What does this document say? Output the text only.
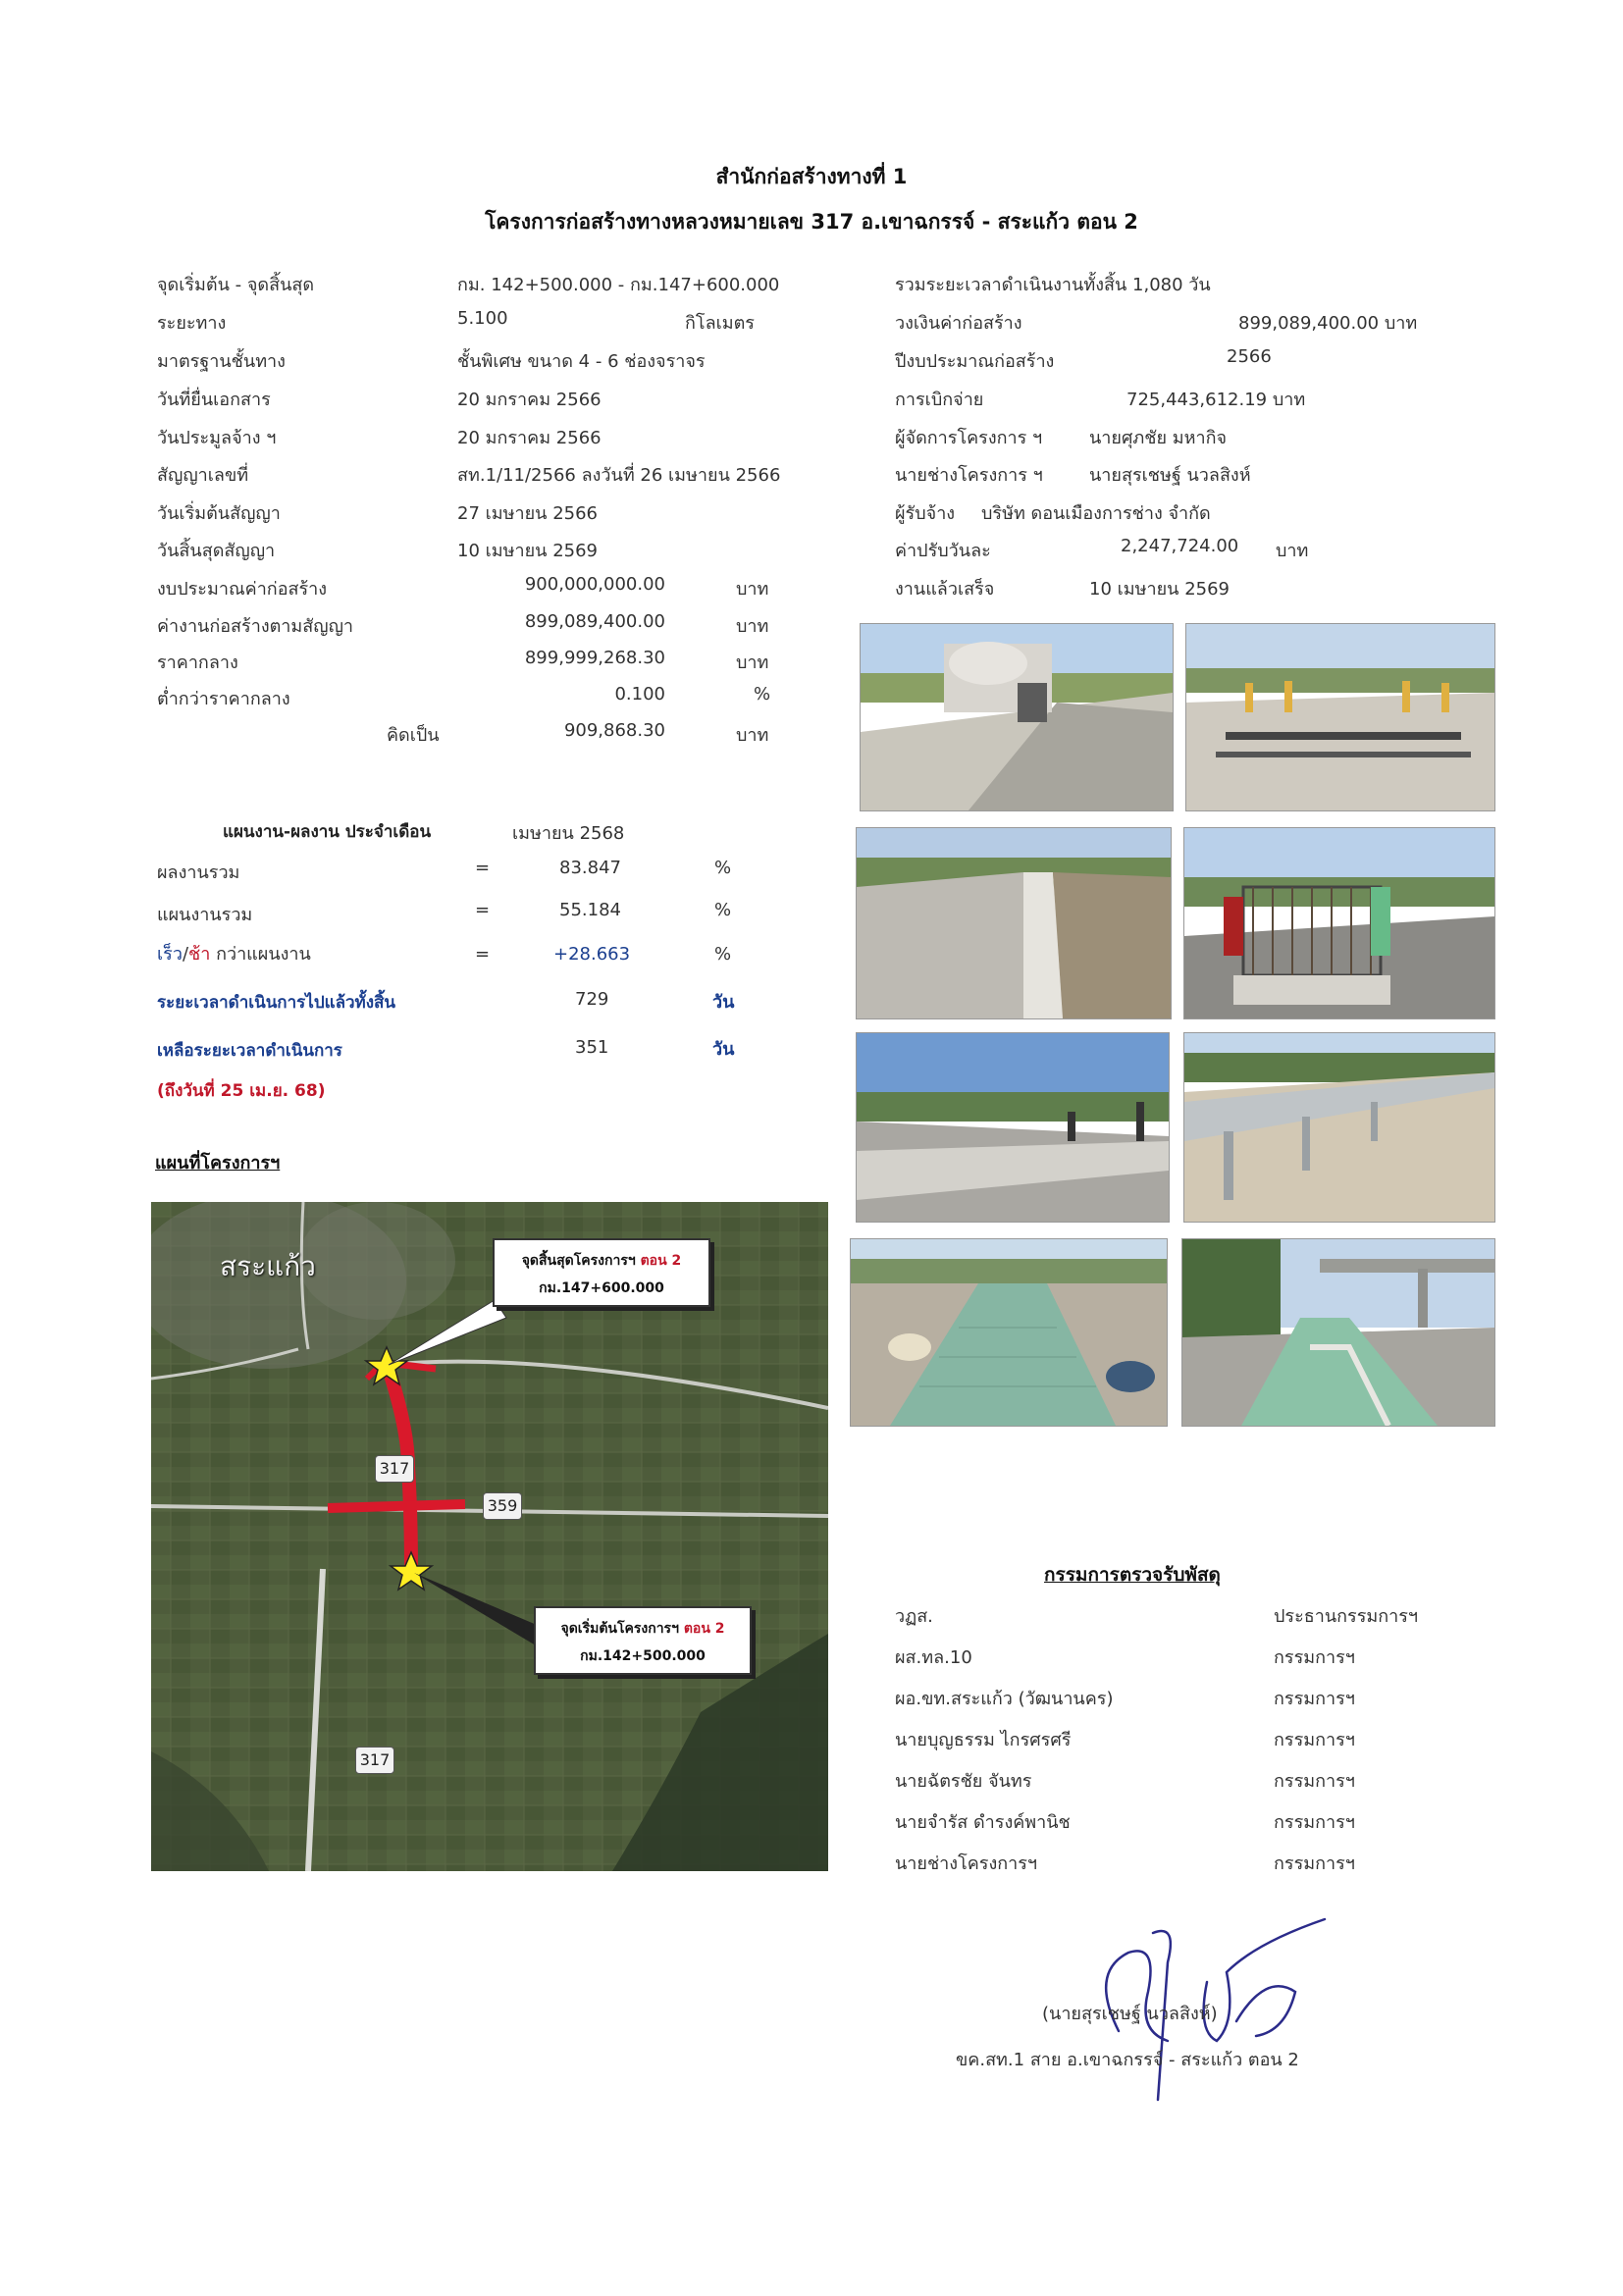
สำนักก่อสร้างทางที่ 1
โครงการก่อสร้างทางหลวงหมายเลข 317 อ.เขาฉกรรจ์ - สระแก้ว ตอน 2
จุดเริ่มต้น - จุดสิ้นสุด	กม. 142+500.000 - กม.147+600.000
ระยะทาง	5.100	กิโลเมตร
มาตรฐานชั้นทาง	ชั้นพิเศษ ขนาด 4 - 6 ช่องจราจร
วันที่ยื่นเอกสาร	20 มกราคม 2566
วันประมูลจ้าง ฯ	20 มกราคม 2566
สัญญาเลขที่	สท.1/11/2566 ลงวันที่ 26 เมษายน 2566
วันเริ่มต้นสัญญา	27 เมษายน 2566
วันสิ้นสุดสัญญา	10 เมษายน 2569
งบประมาณค่าก่อสร้าง	900,000,000.00	บาท
ค่างานก่อสร้างตามสัญญา	899,089,400.00	บาท
ราคากลาง	899,999,268.30	บาท
ต่ำกว่าราคากลาง	0.100	%
คิดเป็น	909,868.30	บาท
รวมระยะเวลาดำเนินงานทั้งสิ้น 1,080 วัน
วงเงินค่าก่อสร้าง	899,089,400.00 บาท
ปีงบประมาณก่อสร้าง	2566
การเบิกจ่าย	725,443,612.19 บาท
ผู้จัดการโครงการ ฯ	นายศุภชัย มหากิจ
นายช่างโครงการ ฯ	นายสุรเชษฐ์ นวลสิงห์
ผู้รับจ้าง บริษัท ดอนเมืองการช่าง จำกัด
ค่าปรับวันละ	2,247,724.00 บาท
งานแล้วเสร็จ	10 เมษายน 2569
แผนงาน-ผลงาน ประจำเดือน	เมษายน 2568
ผลงานรวม	=	83.847	%
แผนงานรวม	=	55.184	%
เร็ว/ช้า กว่าแผนงาน	=	+28.663	%
ระยะเวลาดำเนินการไปแล้วทั้งสิ้น	729	วัน
เหลือระยะเวลาดำเนินการ	351	วัน
(ถึงวันที่ 25 เม.ย. 68)
แผนที่โครงการฯ
สระแก้ว
317
359
317
จุดสิ้นสุดโครงการฯ ตอน 2
กม.147+600.000
จุดเริ่มต้นโครงการฯ ตอน 2
กม.142+500.000
กรรมการตรวจรับพัสดุ
วฏส.	ประธานกรรมการฯ
ผส.ทล.10	กรรมการฯ
ผอ.ขท.สระแก้ว (วัฒนานคร)	กรรมการฯ
นายบุญธรรม ไกรศรศรี	กรรมการฯ
นายฉัตรชัย จันทร	กรรมการฯ
นายจำรัส ดำรงค์พานิช	กรรมการฯ
นายช่างโครงการฯ	กรรมการฯ
(นายสุรเชษฐ์ นวลสิงห์)
ขค.สท.1 สาย อ.เขาฉกรรจ์ - สระแก้ว ตอน 2
